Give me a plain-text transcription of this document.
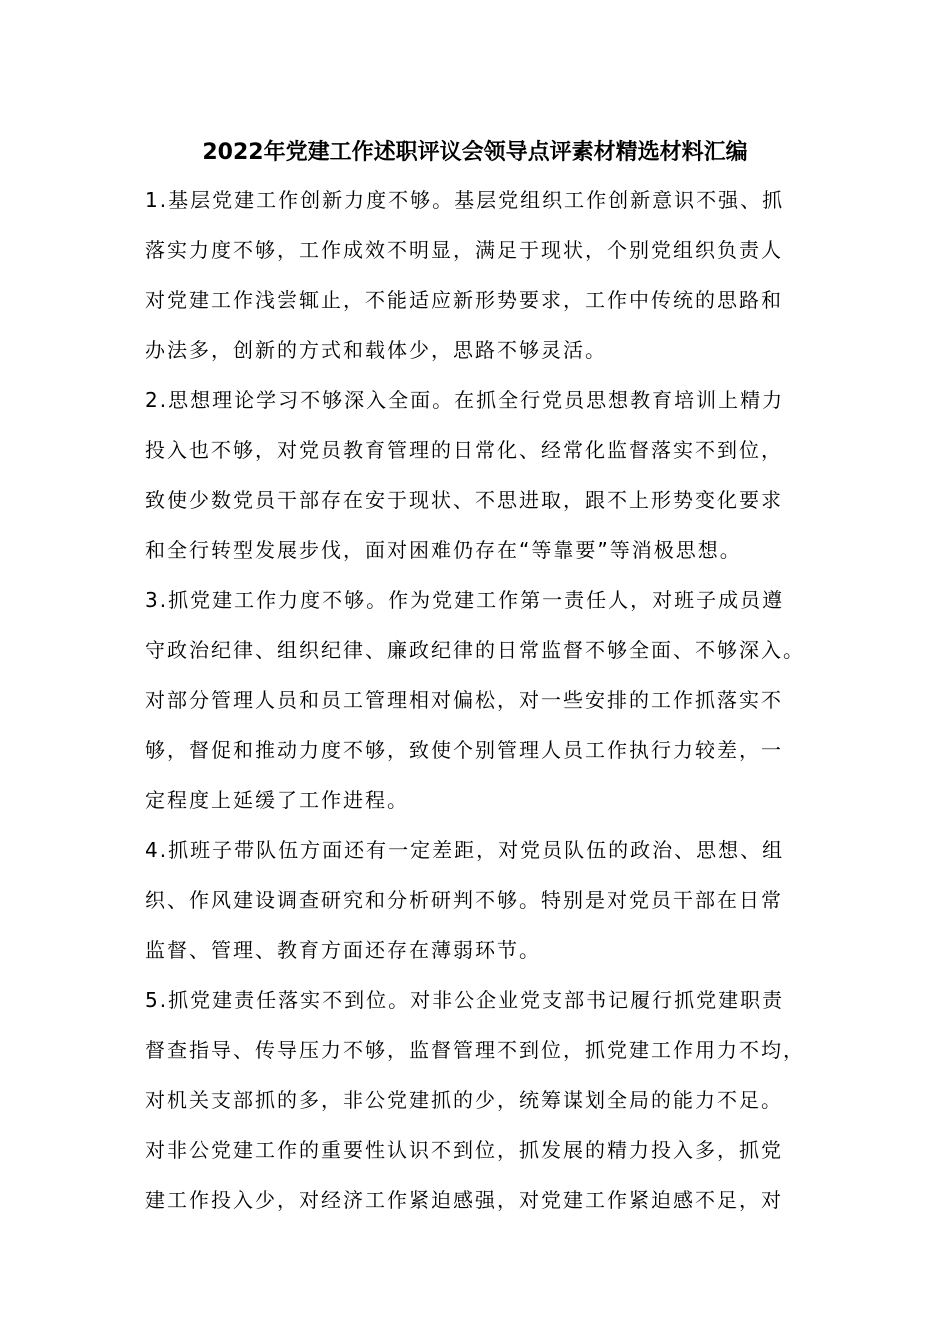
2022年党建工作述职评议会领导点评素材精选材料汇编
1.基层党建工作创新力度不够。基层党组织工作创新意识不强、抓
落实力度不够，工作成效不明显，满足于现状，个别党组织负责人
对党建工作浅尝辄止，不能适应新形势要求，工作中传统的思路和
办法多，创新的方式和载体少，思路不够灵活。
2.思想理论学习不够深入全面。在抓全行党员思想教育培训上精力
投入也不够，对党员教育管理的日常化、经常化监督落实不到位，
致使少数党员干部存在安于现状、不思进取，跟不上形势变化要求
和全行转型发展步伐，面对困难仍存在“等靠要”等消极思想。
3.抓党建工作力度不够。作为党建工作第一责任人，对班子成员遵
守政治纪律、组织纪律、廉政纪律的日常监督不够全面、不够深入。
对部分管理人员和员工管理相对偏松，对一些安排的工作抓落实不
够，督促和推动力度不够，致使个别管理人员工作执行力较差，一
定程度上延缓了工作进程。
4.抓班子带队伍方面还有一定差距，对党员队伍的政治、思想、组
织、作风建设调查研究和分析研判不够。特别是对党员干部在日常
监督、管理、教育方面还存在薄弱环节。
5.抓党建责任落实不到位。对非公企业党支部书记履行抓党建职责
督查指导、传导压力不够，监督管理不到位，抓党建工作用力不均，
对机关支部抓的多，非公党建抓的少，统筹谋划全局的能力不足。
对非公党建工作的重要性认识不到位，抓发展的精力投入多，抓党
建工作投入少，对经济工作紧迫感强，对党建工作紧迫感不足，对
